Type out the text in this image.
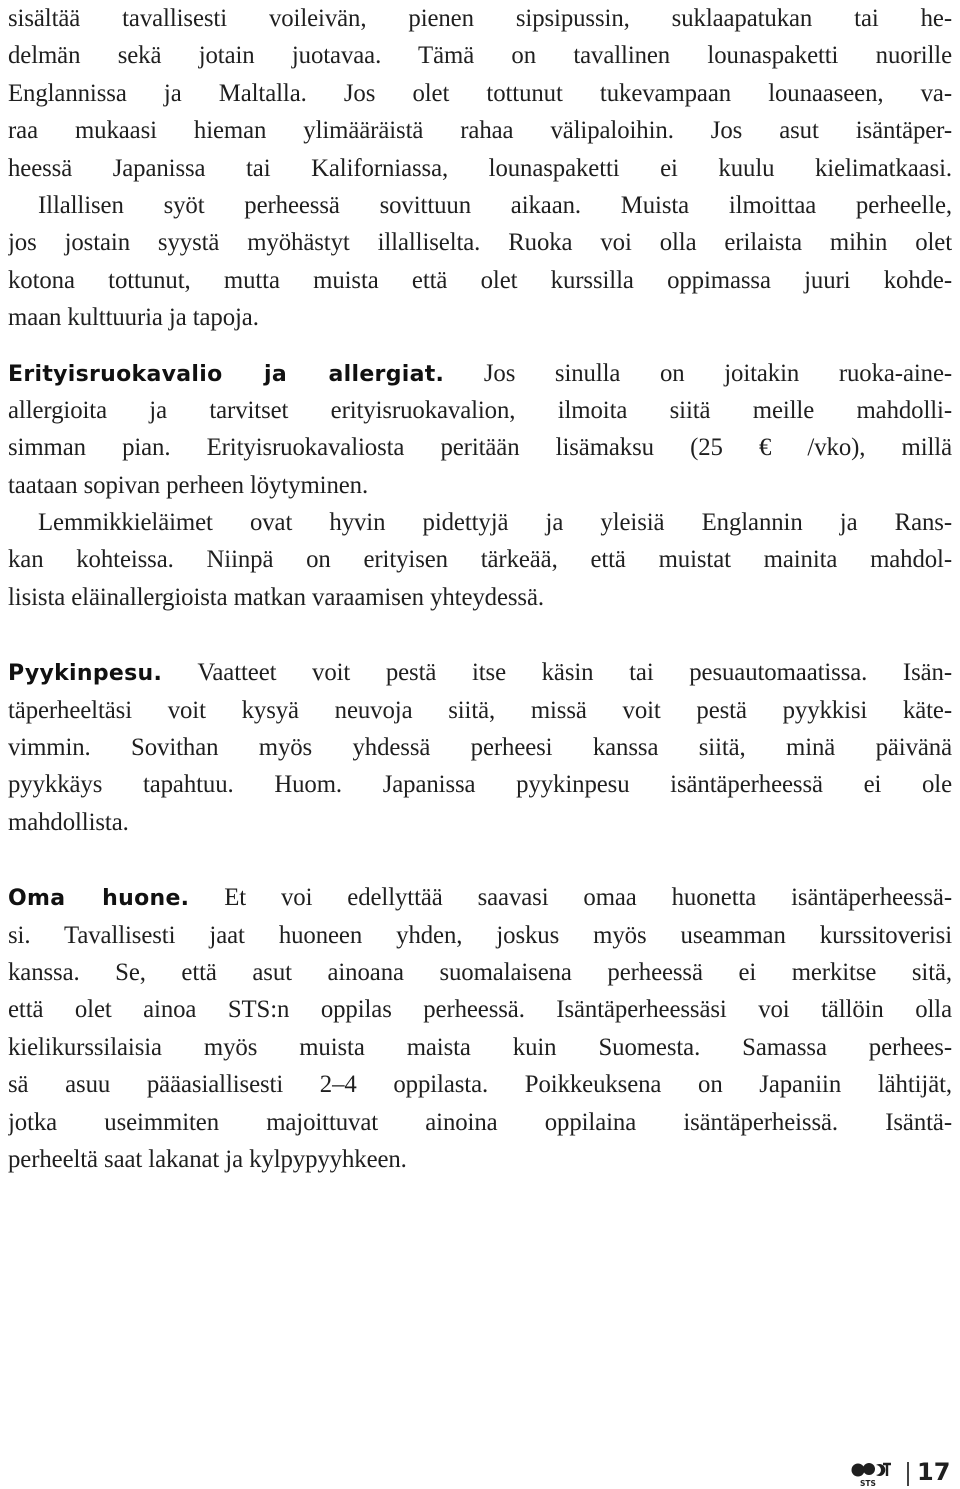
sisältää tavallisesti voileivän, pienen sipsipussin, suklaapatukan tai he-
delmän sekä jotain juotavaa. Tämä on tavallinen lounaspaketti nuorille
Englannissa ja Maltalla. Jos olet tottunut tukevampaan lounaaseen, va-
raa mukaasi hieman ylimääräistä rahaa välipaloihin. Jos asut isäntäper-
heessä Japanissa tai Kaliforniassa, lounaspaketti ei kuulu kielimatkaasi.
Illallisen syöt perheessä sovittuun aikaan. Muista ilmoittaa perheelle,
jos jostain syystä myöhästyt illalliselta. Ruoka voi olla erilaista mihin olet
kotona tottunut, mutta muista että olet kurssilla oppimassa juuri kohde-
maan kulttuuria ja tapoja.
Erityisruokavalio ja allergiat. Jos sinulla on joitakin ruoka-aine-
allergioita ja tarvitset erityisruokavalion, ilmoita siitä meille mahdolli-
simman pian. Erityisruokavaliosta peritään lisämaksu (25 € /vko), millä
taataan sopivan perheen löytyminen.
Lemmikkieläimet ovat hyvin pidettyjä ja yleisiä Englannin ja Rans-
kan kohteissa. Niinpä on erityisen tärkeää, että muistat mainita mahdol-
lisista eläinallergioista matkan varaamisen yhteydessä.
Pyykinpesu. Vaatteet voit pestä itse käsin tai pesuautomaatissa. Isän-
täperheeltäsi voit kysyä neuvoja siitä, missä voit pestä pyykkisi käte-
vimmin. Sovithan myös yhdessä perheesi kanssa siitä, minä päivänä
pyykkäys tapahtuu. Huom. Japanissa pyykinpesu isäntäperheessä ei ole
mahdollista.
Oma huone. Et voi edellyttää saavasi omaa huonetta isäntäperheessä-
si. Tavallisesti jaat huoneen yhden, joskus myös useamman kurssitoverisi
kanssa. Se, että asut ainoana suomalaisena perheessä ei merkitse sitä,
että olet ainoa STS:n oppilas perheessä. Isäntäperheessäsi voi tällöin olla
kielikurssilaisia myös muista maista kuin Suomesta. Samassa perhees-
sä asuu pääasiallisesti 2–4 oppilasta. Poikkeuksena on Japaniin lähtijät,
jotka useimmiten majoittuvat ainoina oppilaina isäntäperheissä. Isäntä-
perheeltä saat lakanat ja kylpypyyhkeen.
STS 17
